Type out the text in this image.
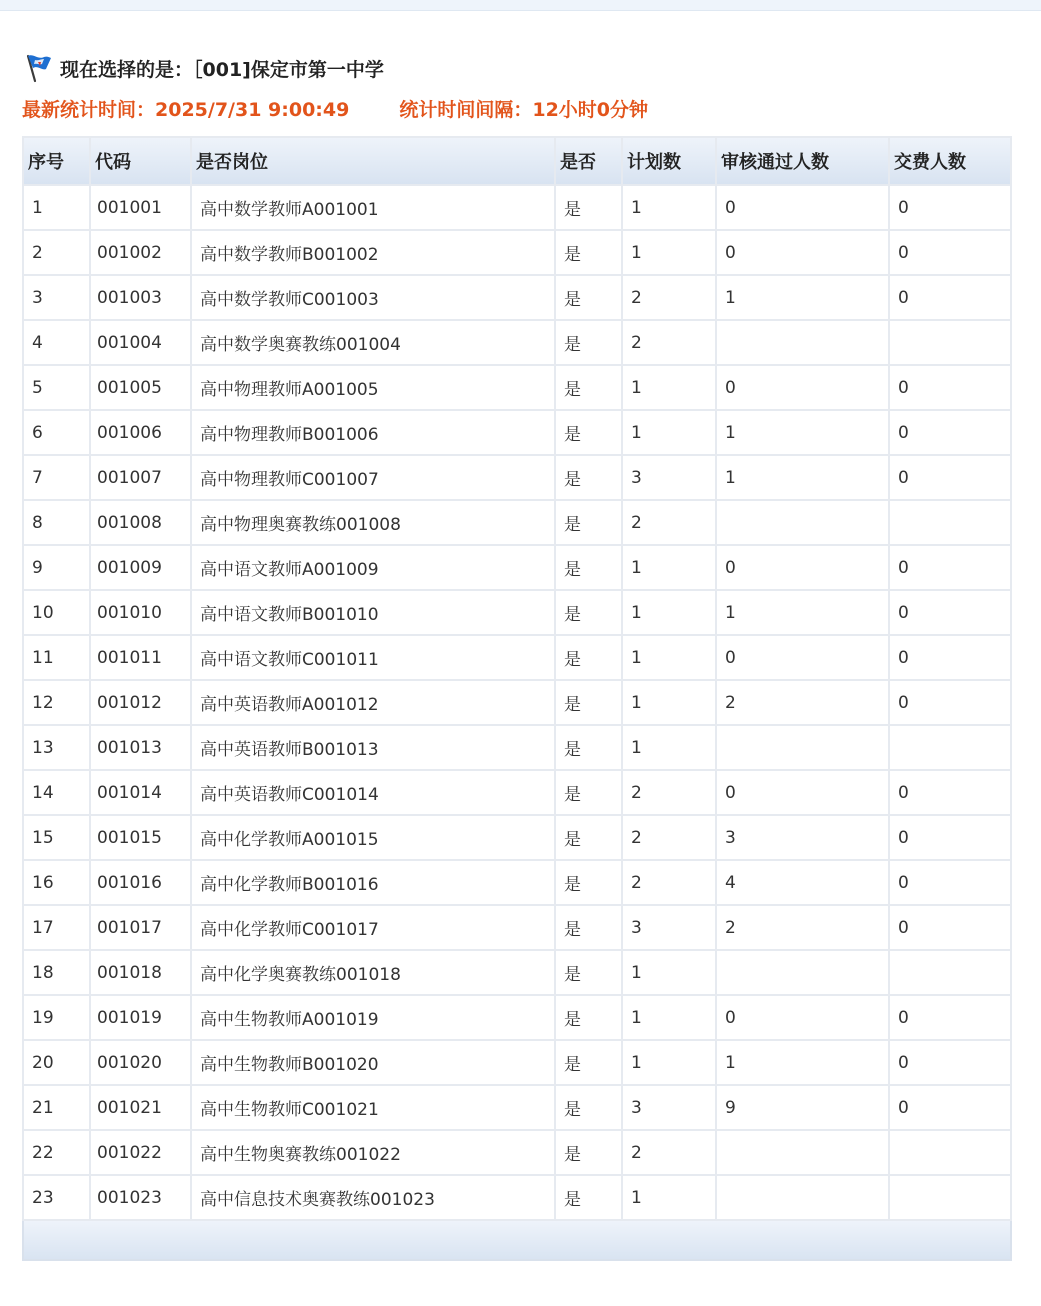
现在选择的是：［001]保定市第一中学
最新统计时间：2025/7/31 9:00:49	统计时间间隔：12小时0分钟
序号	代码	是否岗位	是否	计划数	审核通过人数	交费人数
1	001001	高中数学教师A001001	是	1	0	0
2	001002	高中数学教师B001002	是	1	0	0
3	001003	高中数学教师C001003	是	2	1	0
4	001004	高中数学奥赛教练001004	是	2		
5	001005	高中物理教师A001005	是	1	0	0
6	001006	高中物理教师B001006	是	1	1	0
7	001007	高中物理教师C001007	是	3	1	0
8	001008	高中物理奥赛教练001008	是	2		
9	001009	高中语文教师A001009	是	1	0	0
10	001010	高中语文教师B001010	是	1	1	0
11	001011	高中语文教师C001011	是	1	0	0
12	001012	高中英语教师A001012	是	1	2	0
13	001013	高中英语教师B001013	是	1		
14	001014	高中英语教师C001014	是	2	0	0
15	001015	高中化学教师A001015	是	2	3	0
16	001016	高中化学教师B001016	是	2	4	0
17	001017	高中化学教师C001017	是	3	2	0
18	001018	高中化学奥赛教练001018	是	1		
19	001019	高中生物教师A001019	是	1	0	0
20	001020	高中生物教师B001020	是	1	1	0
21	001021	高中生物教师C001021	是	3	9	0
22	001022	高中生物奥赛教练001022	是	2		
23	001023	高中信息技术奥赛教练001023	是	1		
